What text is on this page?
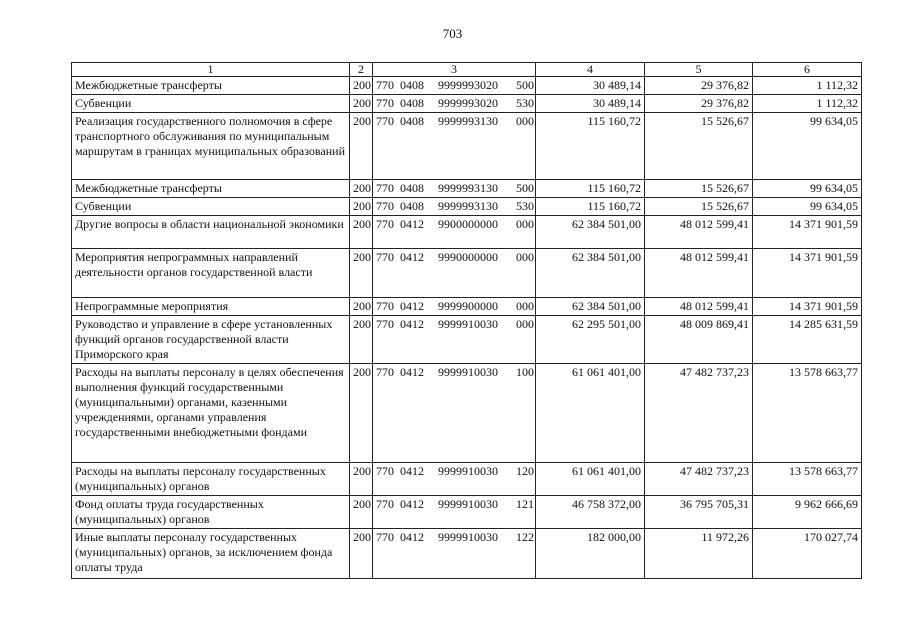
703
1	2	3	4	5	6
Межбюджетные трансферты	200	770 0408 9999993020 500	30 489,14	29 376,82	1 112,32
Субвенции	200	770 0408 9999993020 530	30 489,14	29 376,82	1 112,32
Реализация государственного полномочия в сфере транспортного обслуживания по муниципальным маршрутам в границах муниципальных образований	200	770 0408 9999993130 000	115 160,72	15 526,67	99 634,05
Межбюджетные трансферты	200	770 0408 9999993130 500	115 160,72	15 526,67	99 634,05
Субвенции	200	770 0408 9999993130 530	115 160,72	15 526,67	99 634,05
Другие вопросы в области национальной экономики	200	770 0412 9900000000 000	62 384 501,00	48 012 599,41	14 371 901,59
Мероприятия непрограммных направлений деятельности органов государственной власти	200	770 0412 9990000000 000	62 384 501,00	48 012 599,41	14 371 901,59
Непрограммные мероприятия	200	770 0412 9999900000 000	62 384 501,00	48 012 599,41	14 371 901,59
Руководство и управление в сфере установленных функций органов государственной власти Приморского края	200	770 0412 9999910030 000	62 295 501,00	48 009 869,41	14 285 631,59
Расходы на выплаты персоналу в целях обеспечения выполнения функций государственными (муниципальными) органами, казенными учреждениями, органами управления государственными внебюджетными фондами	200	770 0412 9999910030 100	61 061 401,00	47 482 737,23	13 578 663,77
Расходы на выплаты персоналу государственных (муниципальных) органов	200	770 0412 9999910030 120	61 061 401,00	47 482 737,23	13 578 663,77
Фонд оплаты труда государственных (муниципальных) органов	200	770 0412 9999910030 121	46 758 372,00	36 795 705,31	9 962 666,69
Иные выплаты персоналу государственных (муниципальных) органов, за исключением фонда оплаты труда	200	770 0412 9999910030 122	182 000,00	11 972,26	170 027,74
